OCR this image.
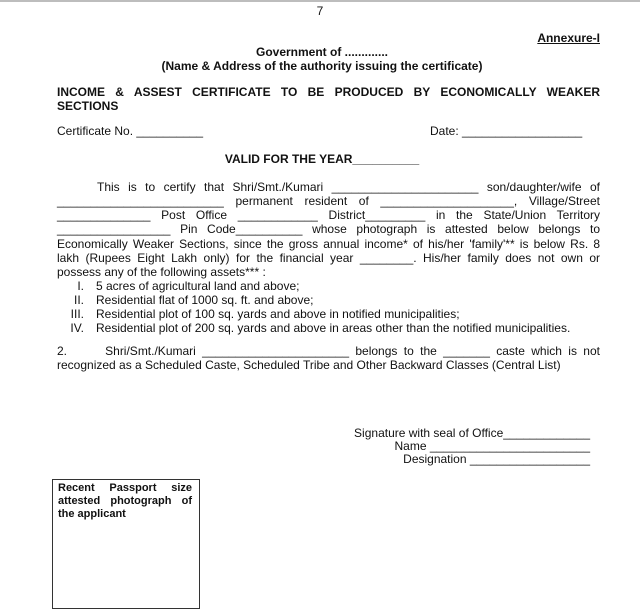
7
Annexure-I
Government of .............
(Name & Address of the authority issuing the certificate)
INCOME & ASSEST CERTIFICATE TO BE PRODUCED BY ECONOMICALLY WEAKER
SECTIONS
Certificate No. __________	Date: __________________
VALID FOR THE YEAR__________
This is to certify that Shri/Smt./Kumari ______________________ son/daughter/wife of
_________________________ permanent resident of ____________________, Village/Street
______________ Post Office ____________ District_________ in the State/Union Territory
_________________ Pin Code__________ whose photograph is attested below belongs to
Economically Weaker Sections, since the gross annual income* of his/her 'family'** is below Rs. 8
lakh (Rupees Eight Lakh only) for the financial year ________. His/her family does not own or
possess any of the following assets*** :
I. 5 acres of agricultural land and above;
II. Residential flat of 1000 sq. ft. and above;
III. Residential plot of 100 sq. yards and above in notified municipalities;
IV. Residential plot of 200 sq. yards and above in areas other than the notified municipalities.
2.      Shri/Smt./Kumari ______________________ belongs to the _______ caste which is not
recognized as a Scheduled Caste, Scheduled Tribe and Other Backward Classes (Central List)
Signature with seal of Office_____________
Name ________________________
Designation __________________
Recent Passport size
attested photograph of
the applicant
